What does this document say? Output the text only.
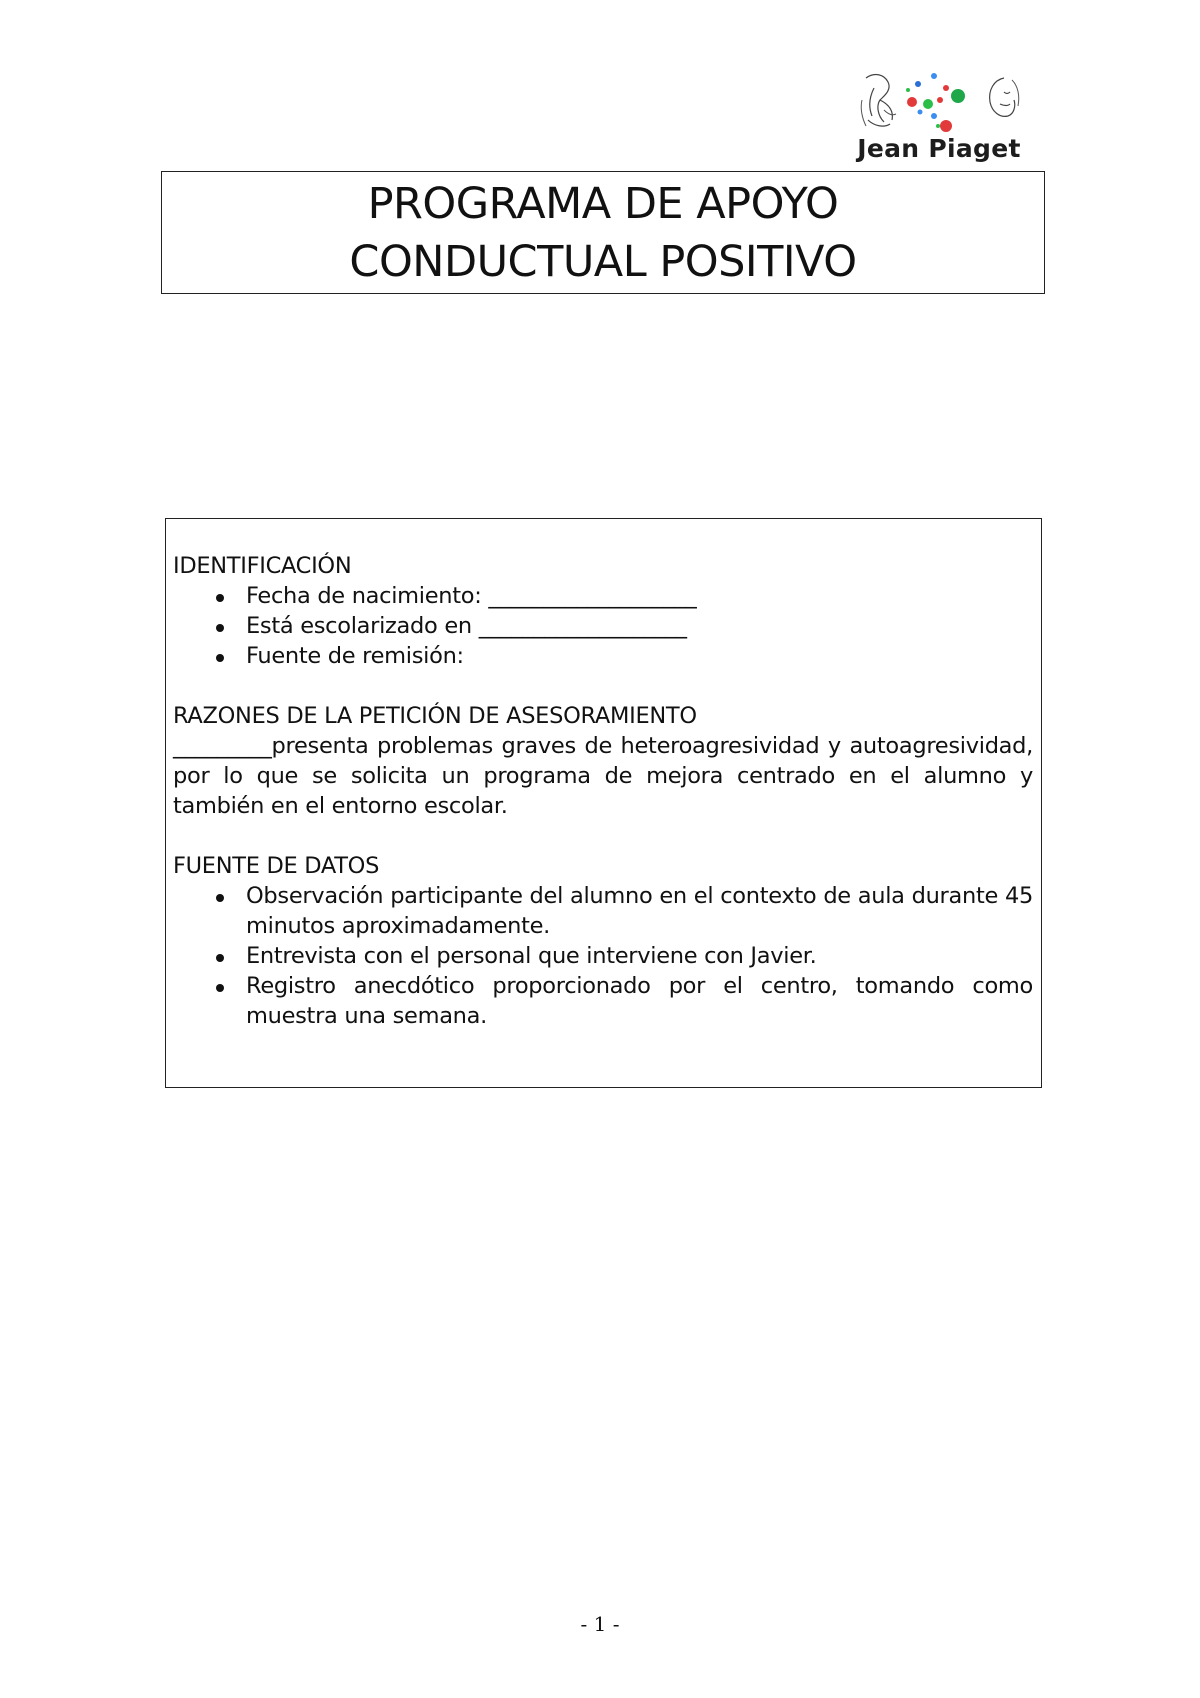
Jean Piaget
PROGRAMA DE APOYO
CONDUCTUAL POSITIVO

IDENTIFICACIÓN

Fecha de nacimiento: ___________________
Está escolarizado en ___________________
Fuente de remisión:

RAZONES DE LA PETICIÓN DE ASESORAMIENTO

_________presenta problemas graves de heteroagresividad y autoagresividad, por lo que se solicita un programa de mejora centrado en el alumno y también en el entorno escolar.

FUENTE DE DATOS

Observación participante del alumno en el contexto de aula durante 45 minutos aproximadamente.
Entrevista con el personal que interviene con Javier.
Registro anecdótico proporcionado por el centro, tomando como muestra una semana.
- 1 -
